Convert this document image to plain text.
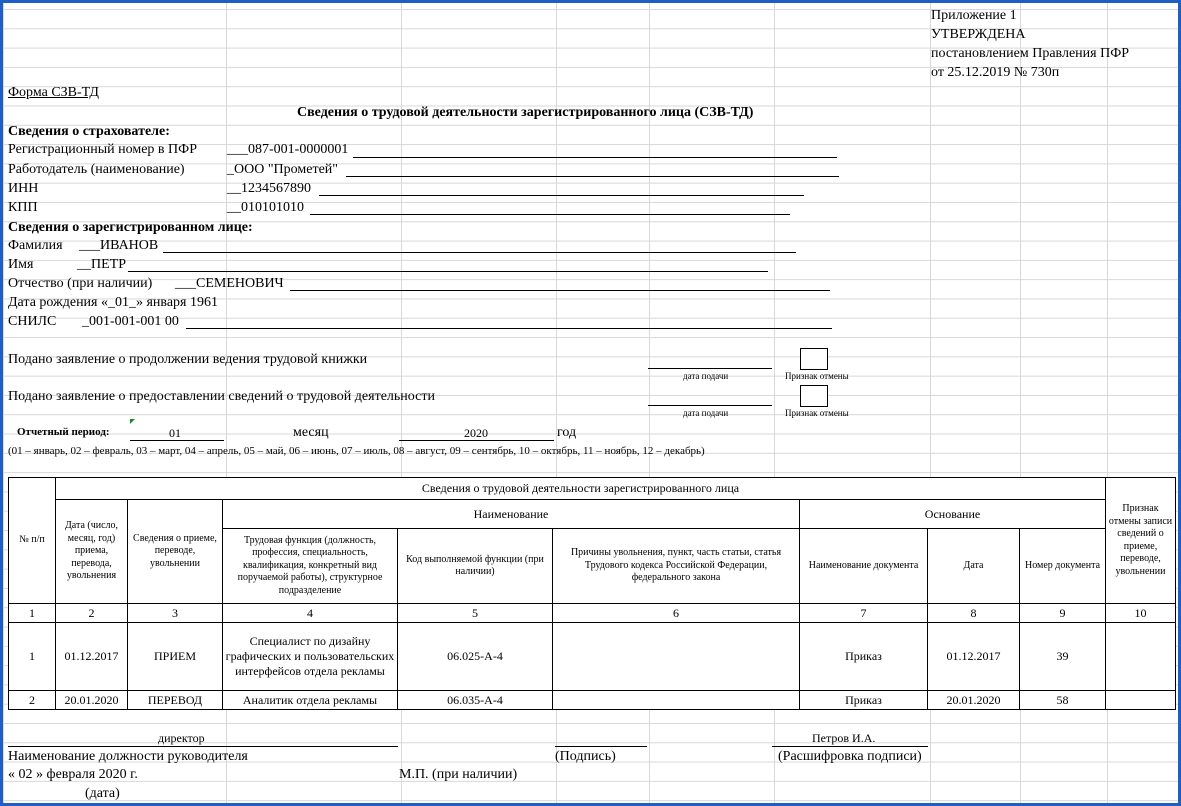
Приложение 1
УТВЕРЖДЕНА
постановлением Правления ПФР
от 25.12.2019 № 730п
Форма СЗВ-ТД
Сведения о трудовой деятельности зарегистрированного лица (СЗВ-ТД)
Сведения о страхователе:
Регистрационный номер в ПФР ___087-001-0000001
Работодатель (наименование)	_ООО "Прометей"
ИНН	__1234567890
КПП	__010101010
Сведения о зарегистрированном лице:
Фамилия ___ИВАНОВ
Имя	__ПЕТР
Отчество (при наличии) ___СЕМЕНОВИЧ
Дата рождения «_01_» января 1961
СНИЛС _001-001-001 00
Подано заявление о продолжении ведения трудовой книжки
дата подачи	Признак отмены
Подано заявление о предоставлении сведений о трудовой деятельности
дата подачи	Признак отмены
Отчетный период:	01	месяц	2020	год
(01 – январь, 02 – февраль, 03 – март, 04 – апрель, 05 – май, 06 – июнь, 07 – июль, 08 – август, 09 – сентябрь, 10 – октябрь, 11 – ноябрь, 12 – декабрь)
№ п/п	Сведения о трудовой деятельности зарегистрированного лица								Признак отмены записи сведений о приеме, переводе, увольнении
	Дата (число, месяц, год) приема, перевода, увольнения	Сведения о приеме, переводе, увольнении	Наименование			Основание			
			Трудовая функция (должность, профессия, специальность, квалификация, конкретный вид поручаемой работы), структурное подразделение	Код выполняемой функции (при наличии)	Причины увольнения, пункт, часть статьи, статья Трудового кодекса Российской Федерации, федерального закона	Наименование документа	Дата	Номер документа	
1	2	3	4	5	6	7	8	9	10
1	01.12.2017	ПРИЕМ	Специалист по дизайну графических и пользовательских интерфейсов отдела рекламы	06.025-А-4		Приказ	01.12.2017	39	
2	20.01.2020	ПЕРЕВОД	Аналитик отдела рекламы	06.035-А-4		Приказ	20.01.2020	58	
директор
Наименование должности руководителя	(Подпись)
Петров И.А.
(Расшифровка подписи)
« 02 » февраля 2020 г.	М.П. (при наличии)
(дата)
